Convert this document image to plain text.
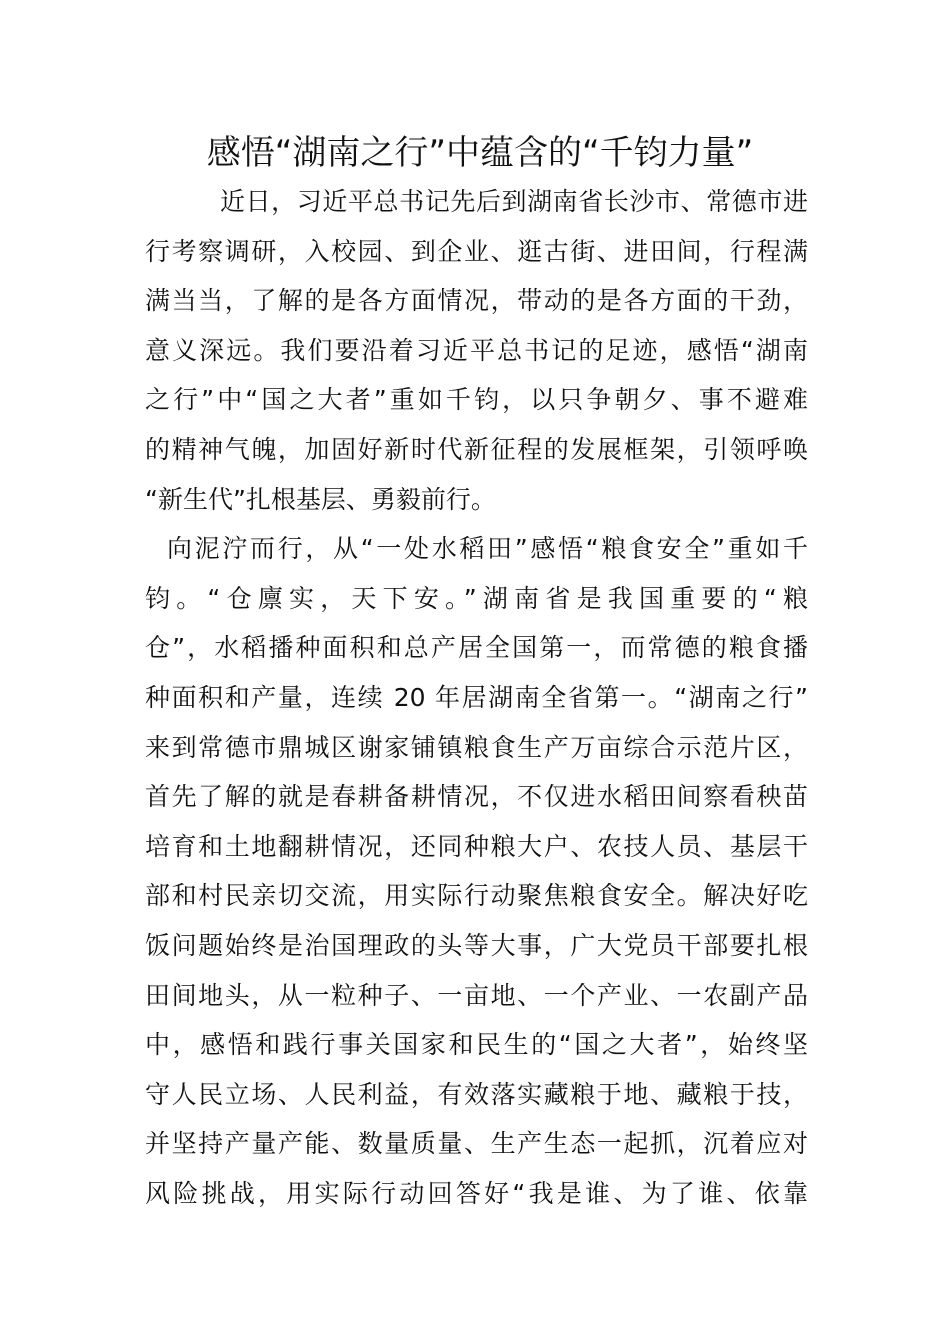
感悟“湖南之行”中蕴含的“千钧力量”
近日，习近平总书记先后到湖南省长沙市、常德市进
行考察调研，入校园、到企业、逛古街、进田间，行程满
满当当，了解的是各方面情况，带动的是各方面的干劲，
意义深远。我们要沿着习近平总书记的足迹，感悟“湖南
之行”中“国之大者”重如千钧，以只争朝夕、事不避难
的精神气魄，加固好新时代新征程的发展框架，引领呼唤
“新生代”扎根基层、勇毅前行。
向泥泞而行，从“一处水稻田”感悟“粮食安全”重如千
钧。“仓廪实，天下安。”湖南省是我国重要的“粮
仓”，水稻播种面积和总产居全国第一，而常德的粮食播
种面积和产量，连续 20 年居湖南全省第一。“湖南之行”
来到常德市鼎城区谢家铺镇粮食生产万亩综合示范片区，
首先了解的就是春耕备耕情况，不仅进水稻田间察看秧苗
培育和土地翻耕情况，还同种粮大户、农技人员、基层干
部和村民亲切交流，用实际行动聚焦粮食安全。解决好吃
饭问题始终是治国理政的头等大事，广大党员干部要扎根
田间地头，从一粒种子、一亩地、一个产业、一农副产品
中，感悟和践行事关国家和民生的“国之大者”，始终坚
守人民立场、人民利益，有效落实藏粮于地、藏粮于技，
并坚持产量产能、数量质量、生产生态一起抓，沉着应对
风险挑战，用实际行动回答好“我是谁、为了谁、依靠
